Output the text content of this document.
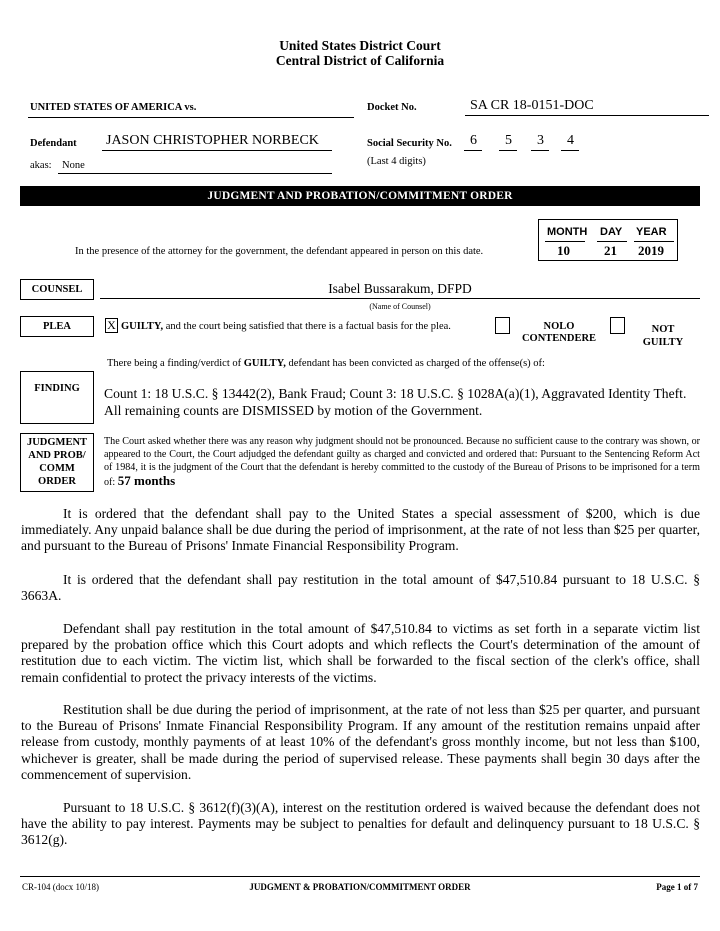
United States District Court
Central District of California
UNITED STATES OF AMERICA vs.	Docket No.	SA CR 18-0151-DOC
Defendant JASON CHRISTOPHER NORBECK	Social Security No. 6 5 3 4
(Last 4 digits)
akas: None
JUDGMENT AND PROBATION/COMMITMENT ORDER
In the presence of the attorney for the government, the defendant appeared in person on this date.
MONTH DAY YEAR
10	21 2019
COUNSEL	Isabel Bussarakum, DFPD
(Name of Counsel)
PLEA	X GUILTY, and the court being satisfied that there is a factual basis for the plea.	NOLO
CONTENDERE
NOT
GUILTY
There being a finding/verdict of GUILTY, defendant has been convicted as charged of the offense(s) of:
FINDING	Count 1: 18 U.S.C. § 13442(2), Bank Fraud; Count 3: 18 U.S.C. § 1028A(a)(1), Aggravated Identity Theft. All remaining counts are DISMISSED by motion of the Government.
JUDGMENT
AND PROB/
COMM
ORDER
The Court asked whether there was any reason why judgment should not be pronounced. Because no sufficient cause to the contrary was shown, or appeared to the Court, the Court adjudged the defendant guilty as charged and convicted and ordered that: Pursuant to the Sentencing Reform Act of 1984, it is the judgment of the Court that the defendant is hereby committed to the custody of the Bureau of Prisons to be imprisoned for a term of: 57 months
It is ordered that the defendant shall pay to the United States a special assessment of $200, which is due immediately. Any unpaid balance shall be due during the period of imprisonment, at the rate of not less than $25 per quarter, and pursuant to the Bureau of Prisons' Inmate Financial Responsibility Program.
It is ordered that the defendant shall pay restitution in the total amount of $47,510.84 pursuant to 18 U.S.C. § 3663A.
Defendant shall pay restitution in the total amount of $47,510.84 to victims as set forth in a separate victim list prepared by the probation office which this Court adopts and which reflects the Court's determination of the amount of restitution due to each victim. The victim list, which shall be forwarded to the fiscal section of the clerk's office, shall remain confidential to protect the privacy interests of the victims.
Restitution shall be due during the period of imprisonment, at the rate of not less than $25 per quarter, and pursuant to the Bureau of Prisons' Inmate Financial Responsibility Program. If any amount of the restitution remains unpaid after release from custody, monthly payments of at least 10% of the defendant's gross monthly income, but not less than $100, whichever is greater, shall be made during the period of supervised release. These payments shall begin 30 days after the commencement of supervision.
Pursuant to 18 U.S.C. § 3612(f)(3)(A), interest on the restitution ordered is waived because the defendant does not have the ability to pay interest. Payments may be subject to penalties for default and delinquency pursuant to 18 U.S.C. § 3612(g).
CR-104 (docx 10/18)	JUDGMENT & PROBATION/COMMITMENT ORDER	Page 1 of 7
